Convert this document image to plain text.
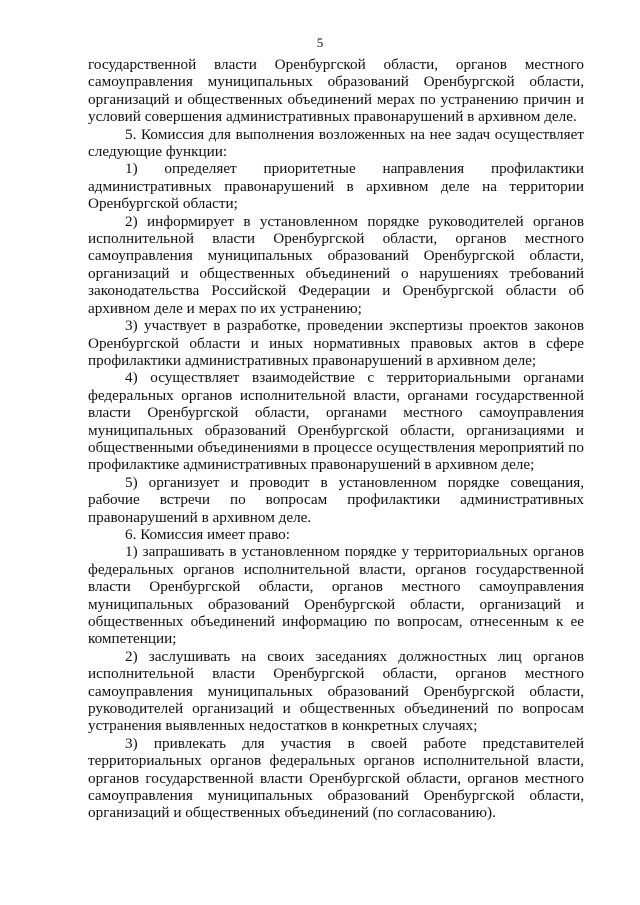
5

государственной власти Оренбургской области, органов местного самоуправления муниципальных образований Оренбургской области, организаций и общественных объединений мерах по устранению причин и условий совершения административных правонарушений в архивном деле.

5. Комиссия для выполнения возложенных на нее задач осуществляет следующие функции:

1) определяет приоритетные направления профилактики административных правонарушений в архивном деле на территории Оренбургской области;

2) информирует в установленном порядке руководителей органов исполнительной власти Оренбургской области, органов местного самоуправления муниципальных образований Оренбургской области, организаций и общественных объединений о нарушениях требований законодательства Российской Федерации и Оренбургской области об архивном деле и мерах по их устранению;

3) участвует в разработке, проведении экспертизы проектов законов Оренбургской области и иных нормативных правовых актов в сфере профилактики административных правонарушений в архивном деле;

4) осуществляет взаимодействие с территориальными органами федеральных органов исполнительной власти, органами государственной власти Оренбургской области, органами местного самоуправления муниципальных образований Оренбургской области, организациями и общественными объединениями в процессе осуществления мероприятий по профилактике административных правонарушений в архивном деле;

5) организует и проводит в установленном порядке совещания, рабочие встречи по вопросам профилактики административных правонарушений в архивном деле.

6. Комиссия имеет право:

1) запрашивать в установленном порядке у территориальных органов федеральных органов исполнительной власти, органов государственной власти Оренбургской области, органов местного самоуправления муниципальных образований Оренбургской области, организаций и общественных объединений информацию по вопросам, отнесенным к ее компетенции;

2) заслушивать на своих заседаниях должностных лиц органов исполнительной власти Оренбургской области, органов местного самоуправления муниципальных образований Оренбургской области, руководителей организаций и общественных объединений по вопросам устранения выявленных недостатков в конкретных случаях;

3) привлекать для участия в своей работе представителей территориальных органов федеральных органов исполнительной власти, органов государственной власти Оренбургской области, органов местного самоуправления муниципальных образований Оренбургской области, организаций и общественных объединений (по согласованию).
